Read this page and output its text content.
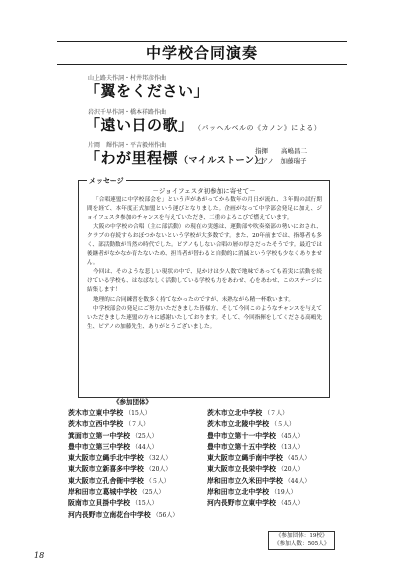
中学校合同演奏
山上路夫作詞・村井邦彦作曲
「翼をください」
岩沢千早作詞・橋本祥路作曲
「遠い日の歌」 （パッヘルベルの《カノン》による）
片岡　輝作詞・平吉毅州作曲
「わが里程標（マイルストーン）」
指揮　　高嶋昌二
ピアノ　加藤瑞子
メッセージ
－ジョイフェスタ初参加に寄せて－

「合唱連盟に中学校部会を」という声があがってから数年の月日が流れ、３年間の試行期間を経て、本年度正式加盟という運びとなりました。企画がなって中学部会発足に加え、ジョイフェスタ参加のチャンスを与えていただき、二重のよろこびで燃えています。

大阪の中学校の合唱（主に部活動）の現在の実態は、運動部や吹奏楽部の勢いにおされ、クラブの存続すらおぼつかないという学校が大多数です。また、20年前までは、指導者も多く、部活動数が当然の時代でした。ピアノもしない合唱の層の厚さだったそうです。最近では後継者がなかなか育たないため、担当者が替わると自動的に消滅という学校も少なくありません。

今回は、そのような悲しい現状の中で、見かけは少人数で地味であっても着実に活動を続けている学校も、はなばなしく活動している学校も力をあわせ、心をあわせ、このステージに結集します！

地理的に合同練習を数多く持てなかったのですが、未熟ながら精一杯歌います。

中学校部会の発足にご努力いただきました皆様方、そして今回このようなチャンスを与えていただきました連盟の方々に感謝いたしております。そして、今回指揮をしてくださる高嶋先生、ピアノの加藤先生、ありがとうございました。

《参加団体》
茨木市立東中学校 （15人）
茨木市立西中学校 （７人）
箕面市立第一中学校 （25人）
豊中市立第三中学校 （44人）
東大阪市立縄手北中学校 （32人）
東大阪市立新喜多中学校 （20人）
東大阪市立孔舎衙中学校 （５人）
岸和田市立葛城中学校 （25人）
阪南市立貝掛中学校 （15人）
河内長野市立南花台中学校 （56人）
茨木市立北中学校 （７人）
茨木市立北陵中学校 （５人）
豊中市立第十一中学校 （45人）
豊中市立第十五中学校 （13人）
東大阪市立縄手南中学校 （45人）
東大阪市立長栄中学校 （20人）
岸和田市立久米田中学校 （44人）
岸和田市立北中学校 （19人）
河内長野市立東中学校 （45人）
《参加団体：19校》
《参加人数：505人》
18
